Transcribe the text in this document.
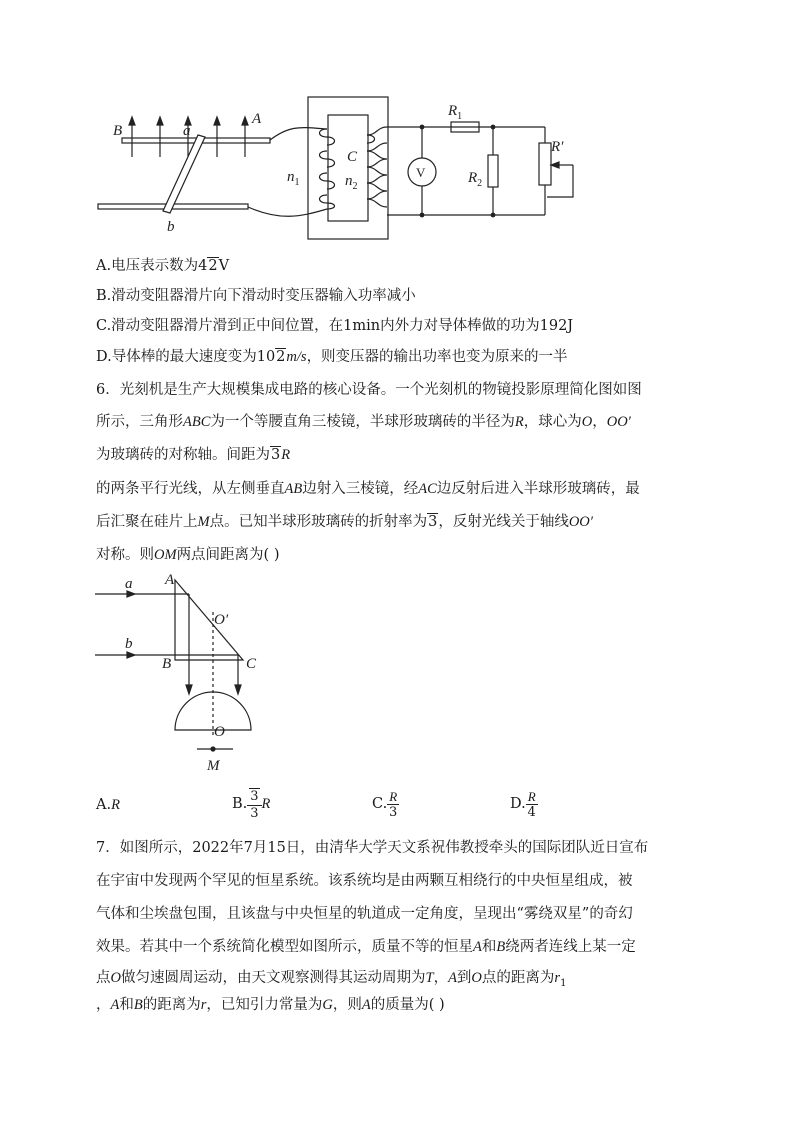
B
A
a
b
C
$n_1$	$n_2$
$R_1$
$R_2$
R′
V
A.电压表示数为42V
B.滑动变阻器滑片向下滑动时变压器输入功率减小
C.滑动变阻器滑片滑到正中间位置，在1min内外力对导体棒做的功为192J
D.导体棒的最大速度变为102m/s，则变压器的输出功率也变为原来的一半
6．光刻机是生产大规模集成电路的核心设备。一个光刻机的物镜投影原理简化图如图
所示，三角形ABC为一个等腰直角三棱镜，半球形玻璃砖的半径为R，球心为O，OO′
为玻璃砖的对称轴。间距为3R
的两条平行光线，从左侧垂直AB边射入三棱镜，经AC边反射后进入半球形玻璃砖，最
后汇聚在硅片上M点。已知半球形玻璃砖的折射率为3，反射光线关于轴线OO′
对称。则OM两点间距离为( )
a
b
A
B	C
O′
O
M
A.R	B. $\frac{3}{3}$ R	C. $\frac{R}{3}$	D. $\frac{R}{4}$
7．如图所示，2022年7月15日，由清华大学天文系祝伟教授牵头的国际团队近日宣布
在宇宙中发现两个罕见的恒星系统。该系统均是由两颗互相绕行的中央恒星组成，被
气体和尘埃盘包围，且该盘与中央恒星的轨道成一定角度，呈现出“雾绕双星”的奇幻
效果。若其中一个系统简化模型如图所示，质量不等的恒星A和B绕两者连线上某一定
点O做匀速圆周运动，由天文观察测得其运动周期为T，A到O点的距离为$r_1$
，A和B的距离为r，已知引力常量为G，则A的质量为( )
